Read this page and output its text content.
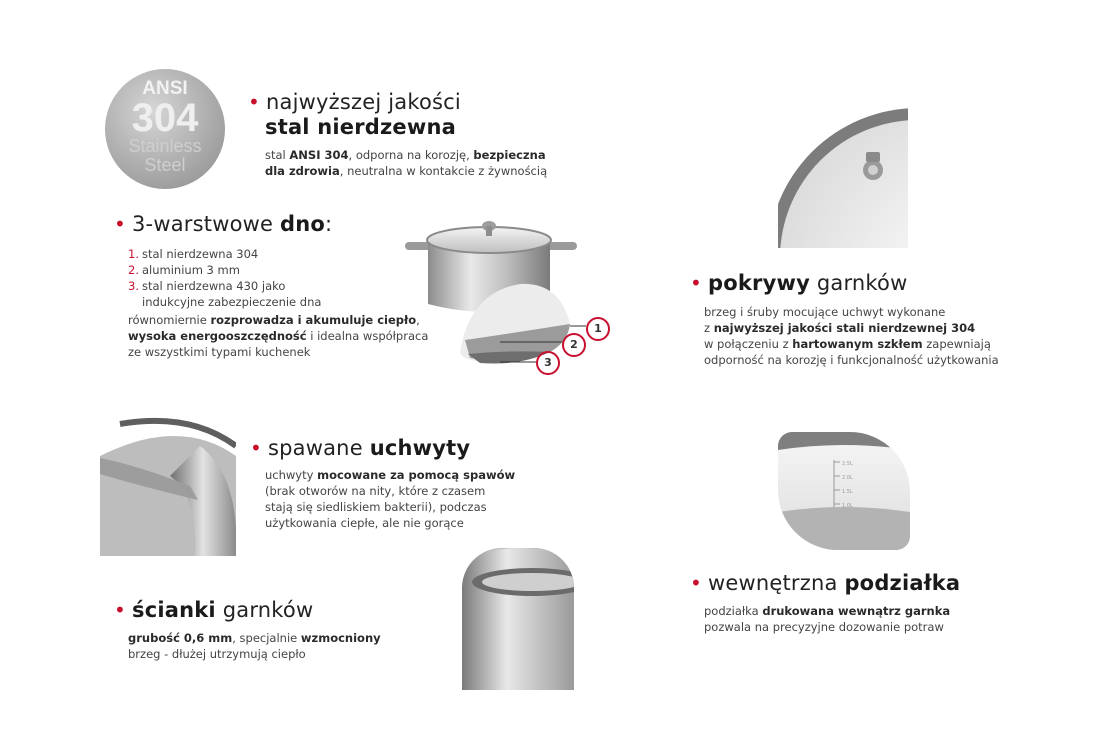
ANSI
304
Stainless
Steel
• najwyższej jakości
stal nierdzewna
stal ANSI 304, odporna na korozję, bezpieczna
dla zdrowia, neutralna w kontakcie z żywnością
• 3-warstwowe dno:
1. stal nierdzewna 304
2. aluminium 3 mm
3. stal nierdzewna 430 jako
indukcyjne zabezpieczenie dna
równomiernie rozprowadza i akumuluje ciepło,
wysoka energooszczędność i idealna współpraca
ze wszystkimi typami kuchenek
1
2
3
• pokrywy garnków
brzeg i śruby mocujące uchwyt wykonane
z najwyższej jakości stali nierdzewnej 304
w połączeniu z hartowanym szkłem zapewniają
odporność na korozję i funkcjonalność użytkowania
• spawane uchwyty
uchwyty mocowane za pomocą spawów
(brak otworów na nity, które z czasem
stają się siedliskiem bakterii), podczas
użytkowania ciepłe, ale nie gorące
2.5L
2.0L
1.5L
1.0L
• ścianki garnków
grubość 0,6 mm, specjalnie wzmocniony
brzeg - dłużej utrzymują ciepło
• wewnętrzna podziałka
podziałka drukowana wewnątrz garnka
pozwala na precyzyjne dozowanie potraw
